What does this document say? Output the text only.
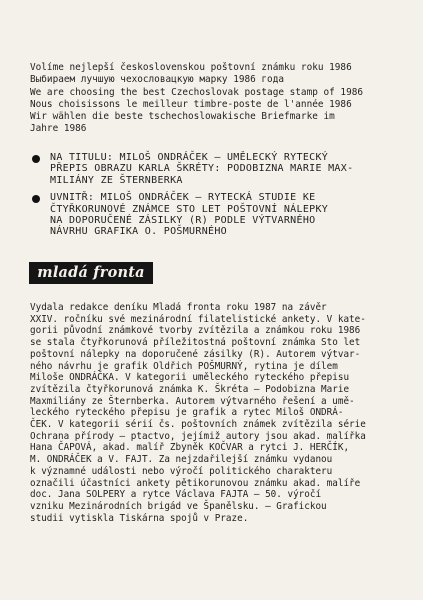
Volíme nejlepší československou poštovní známku roku 1986

Выбираем лучшую чехословацкую марку 1986 года

We are choosing the best Czechoslovak postage stamp of 1986

Nous choisissons le meilleur timbre-poste de l'année 1986

Wir wählen die beste tschechoslowakische Briefmarke im
Jahre 1986

NA TITULU: MILOŠ ONDRÁČEK — UMĚLECKÝ RYTECKÝ
PŘEPIS OBRAZU KARLA ŠKRÉTY: PODOBIZNA MARIE MAX-
MILIÁNY ZE ŠTERNBERKA
UVNITŘ: MILOŠ ONDRÁČEK — RYTECKÁ STUDIE KE
ČTYŘKORUNOVÉ ZNÁMCE STO LET POŠTOVNÍ NÁLEPKY
NA DOPORUČENÉ ZÁSILKY (R) PODLE VÝTVARNÉHO
NÁVRHU GRAFIKA O. POŠMURNÉHO
mladá fronta

Vydala redakce deníku Mladá fronta roku 1987 na závěr
XXIV. ročníku své mezinárodní filatelistické ankety. V kate-
gorii původní známkové tvorby zvítězila a známkou roku 1986
se stala čtyřkorunová příležitostná poštovní známka Sto let
poštovní nálepky na doporučené zásilky (R). Autorem výtvar-
ného návrhu je grafik Oldřich POŠMURNÝ, rytina je dílem
Miloše ONDRÁČKA. V kategorii uměleckého ryteckého přepisu
zvítězila čtyřkorunová známka K. Škréta — Podobizna Marie
Maxmiliány ze Šternberka. Autorem výtvarného řešení a umě-
leckého ryteckého přepisu je grafik a rytec Miloš ONDRÁ-
ČEK. V kategorii sérií čs. poštovních známek zvítězila série
Ochrana přírody — ptactvo, jejímiž autory jsou akad. malířka
Hana ČAPOVÁ, akad. malíř Zbyněk KOČVAR a rytci J. HERČÍK,
M. ONDRÁČEK a V. FAJT. Za nejzdařilejší známku vydanou
k významné události nebo výročí politického charakteru
označili účastníci ankety pětikorunovou známku akad. malíře
doc. Jana SOLPERY a rytce Václava FAJTA — 50. výročí
vzniku Mezinárodních brigád ve Španělsku. — Grafickou
studii vytiskla Tiskárna spojů v Praze.
